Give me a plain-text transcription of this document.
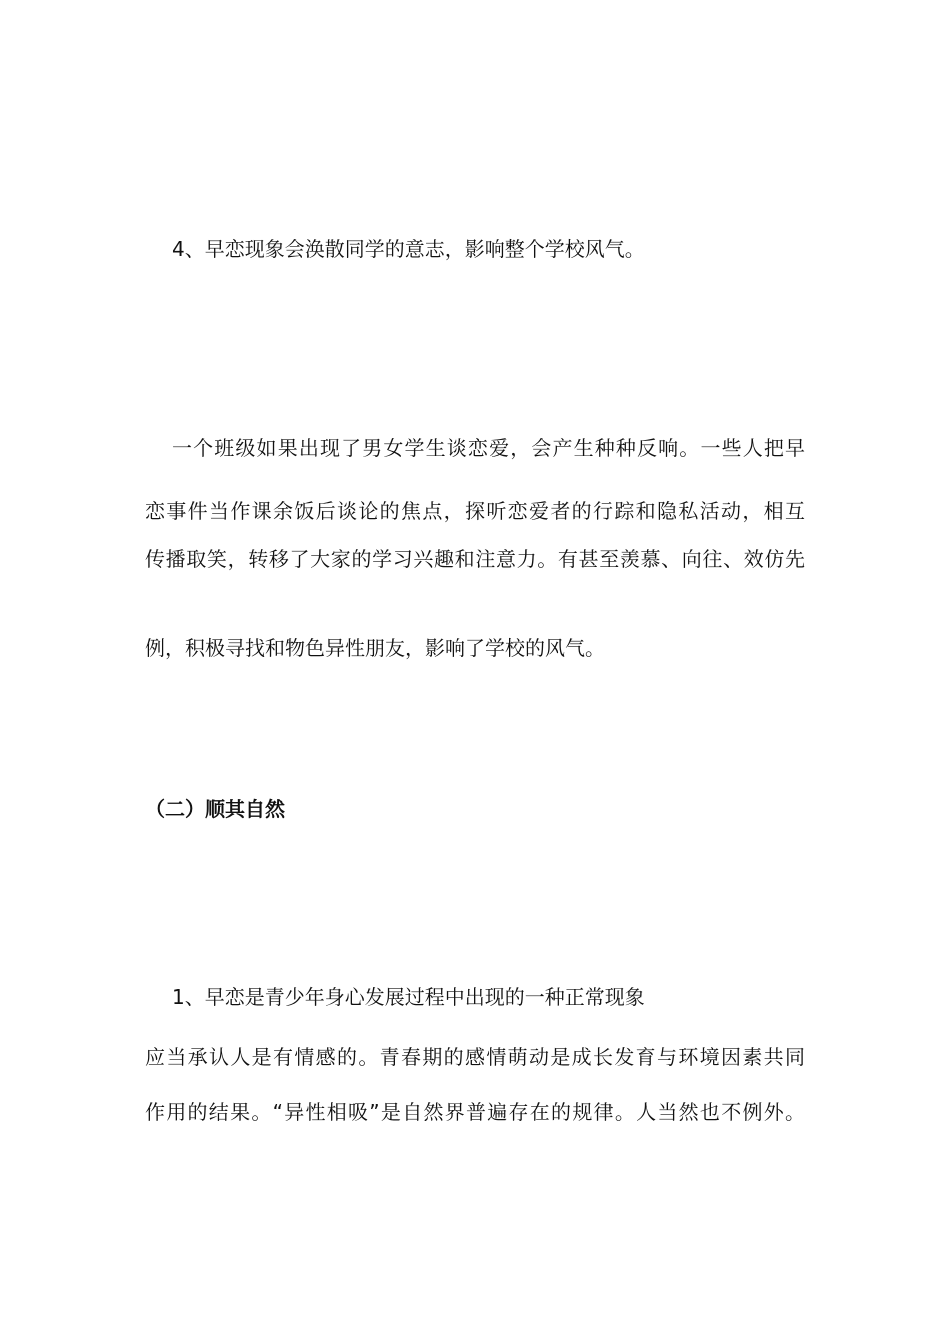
4、早恋现象会涣散同学的意志，影响整个学校风气。

一个班级如果出现了男女学生谈恋爱，会产生种种反响。一些人把早

恋事件当作课余饭后谈论的焦点，探听恋爱者的行踪和隐私活动，相互

传播取笑，转移了大家的学习兴趣和注意力。有甚至羡慕、向往、效仿先

例，积极寻找和物色异性朋友，影响了学校的风气。

（二）顺其自然

1、早恋是青少年身心发展过程中出现的一种正常现象

应当承认人是有情感的。青春期的感情萌动是成长发育与环境因素共同

作用的结果。“异性相吸”是自然界普遍存在的规律。人当然也不例外。
